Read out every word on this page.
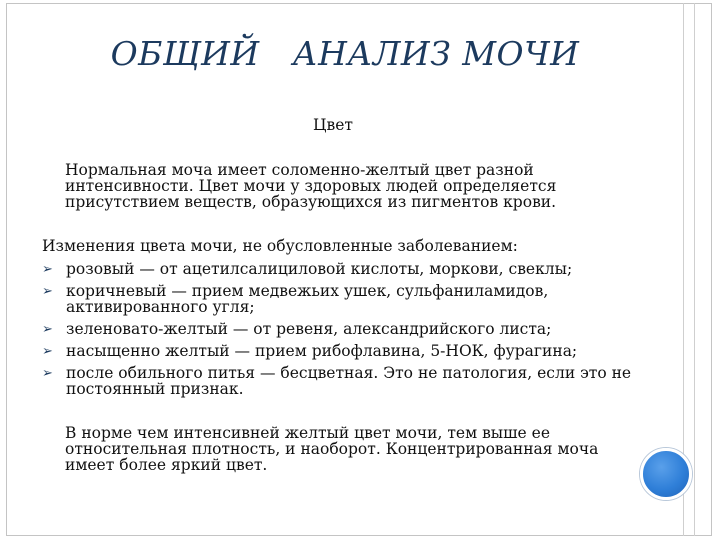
ОБЩИЙ   АНАЛИЗ МОЧИ
Цвет
Нормальная моча имеет соломенно-желтый цвет разной
интенсивности. Цвет мочи у здоровых людей определяется
присутствием веществ, образующихся из пигментов крови.
Изменения цвета мочи, не обусловленные заболеванием:
➢ розовый — от ацетилсалициловой кислоты, моркови, свеклы;
➢ коричневый — прием медвежьих ушек, сульфаниламидов,
активированного угля;
➢ зеленовато-желтый — от ревеня, александрийского листа;
➢ насыщенно желтый — прием рибофлавина, 5-НОК, фурагина;
➢ после обильного питья — бесцветная. Это не патология, если это не
постоянный признак.
В норме чем интенсивней желтый цвет мочи, тем выше ее
относительная плотность, и наоборот. Концентрированная моча
имеет более яркий цвет.
